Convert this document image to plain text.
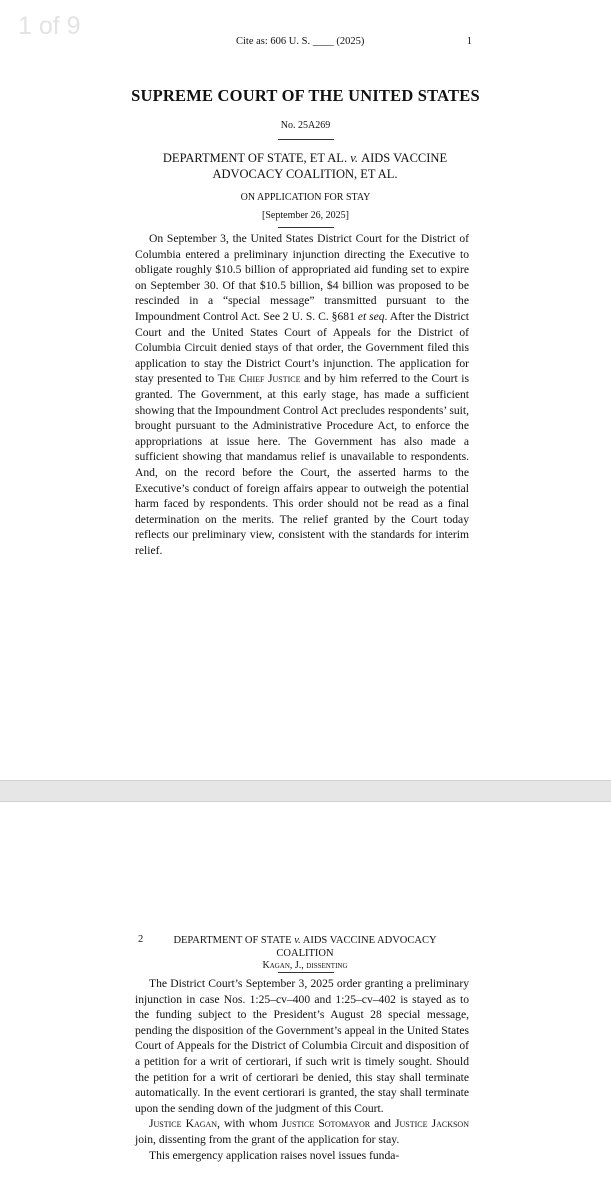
1 of 9
Cite as: 606 U. S. ____ (2025)	1
SUPREME COURT OF THE UNITED STATES
No. 25A269
DEPARTMENT OF STATE, ET AL. v. AIDS VACCINE
ADVOCACY COALITION, ET AL.
ON APPLICATION FOR STAY
[September 26, 2025]

On September 3, the United States District Court for the District of Columbia entered a preliminary injunction directing the Executive to obligate roughly $10.5 billion of appropriated aid funding set to expire on September 30. Of that $10.5 billion, $4 billion was proposed to be rescinded in a “special message” transmitted pursuant to the Impoundment Control Act. See 2 U. S. C. §681 et seq. After the District Court and the United States Court of Appeals for the District of Columbia Circuit denied stays of that order, the Government filed this application to stay the District Court’s injunction. The application for stay presented to The Chief Justice and by him referred to the Court is granted. The Government, at this early stage, has made a sufficient showing that the Impoundment Control Act precludes respondents’ suit, brought pursuant to the Administrative Procedure Act, to enforce the appropriations at issue here. The Government has also made a sufficient showing that mandamus relief is unavailable to respondents. And, on the record before the Court, the asserted harms to the Executive’s conduct of foreign affairs appear to outweigh the potential harm faced by respondents. This order should not be read as a final determination on the merits. The relief granted by the Court today reflects our preliminary view, consistent with the standards for interim relief.

2	DEPARTMENT OF STATE v. AIDS VACCINE ADVOCACY COALITION
Kagan, J., dissenting

The District Court’s September 3, 2025 order granting a preliminary injunction in case Nos. 1:25–cv–400 and 1:25–cv–402 is stayed as to the funding subject to the President’s August 28 special message, pending the disposition of the Government’s appeal in the United States Court of Appeals for the District of Columbia Circuit and disposition of a petition for a writ of certiorari, if such writ is timely sought. Should the petition for a writ of certiorari be denied, this stay shall terminate automatically. In the event certiorari is granted, the stay shall terminate upon the sending down of the judgment of this Court.

Justice Kagan, with whom Justice Sotomayor and Justice Jackson join, dissenting from the grant of the application for stay.

This emergency application raises novel issues funda-
